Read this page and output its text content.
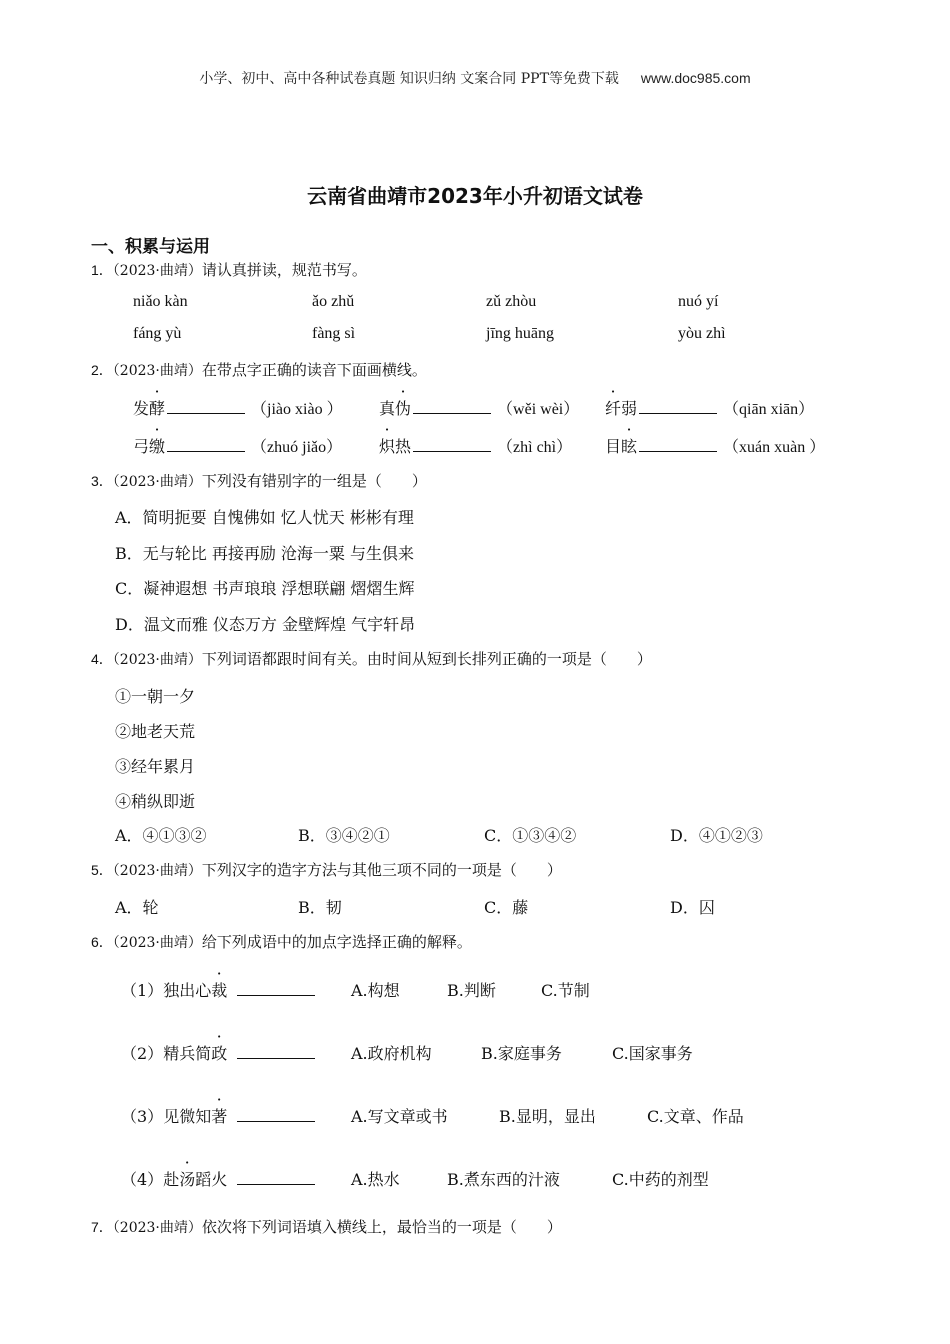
小学、初中、高中各种试卷真题 知识归纳 文案合同 PPT等免费下载 www.doc985.com
云南省曲靖市2023年小升初语文试卷
一、积累与运用
1．（2023·曲靖）请认真拼读，规范书写。
niǎo kàn	ǎo zhǔ	zǔ zhòu	nuó yí
fáng yù	fàng sì	jīng huāng	yòu zhì
2．（2023·曲靖）在带点字正确的读音下面画横线。
发酵	（jiào xiào ） 真伪	（wěi wèi） 纤弱	（qiān xiān）
弓缴	（zhuó jiǎo） 炽热	（zhì chì） 目眩	（xuán xuàn ）
3．（2023·曲靖）下列没有错别字的一组是（　　）
A．简明扼要 自愧佛如 忆人忧天 彬彬有理
B．无与轮比 再接再励 沧海一粟 与生俱来
C．凝神遐想 书声琅琅 浮想联翩 熠熠生辉
D．温文而雅 仪态万方 金壁辉煌 气宇轩昂
4．（2023·曲靖）下列词语都跟时间有关。由时间从短到长排列正确的一项是（　　）
①一朝一夕
②地老天荒
③经年累月
④稍纵即逝
A．④①③②	B．③④②①	C．①③④②	D．④①②③
5．（2023·曲靖）下列汉字的造字方法与其他三项不同的一项是（　　）
A．轮	B．韧	C．藤	D．囚
6．（2023·曲靖）给下列成语中的加点字选择正确的解释。
（1）独出心裁	A.构想	B.判断	C.节制
（2）精兵简政	A.政府机构	B.家庭事务	C.国家事务
（3）见微知著	A.写文章或书	B.显明，显出	C.文章、作品
（4）赴汤蹈火	A.热水	B.煮东西的汁液	C.中药的剂型
7．（2023·曲靖）依次将下列词语填入横线上，最恰当的一项是（　　）
